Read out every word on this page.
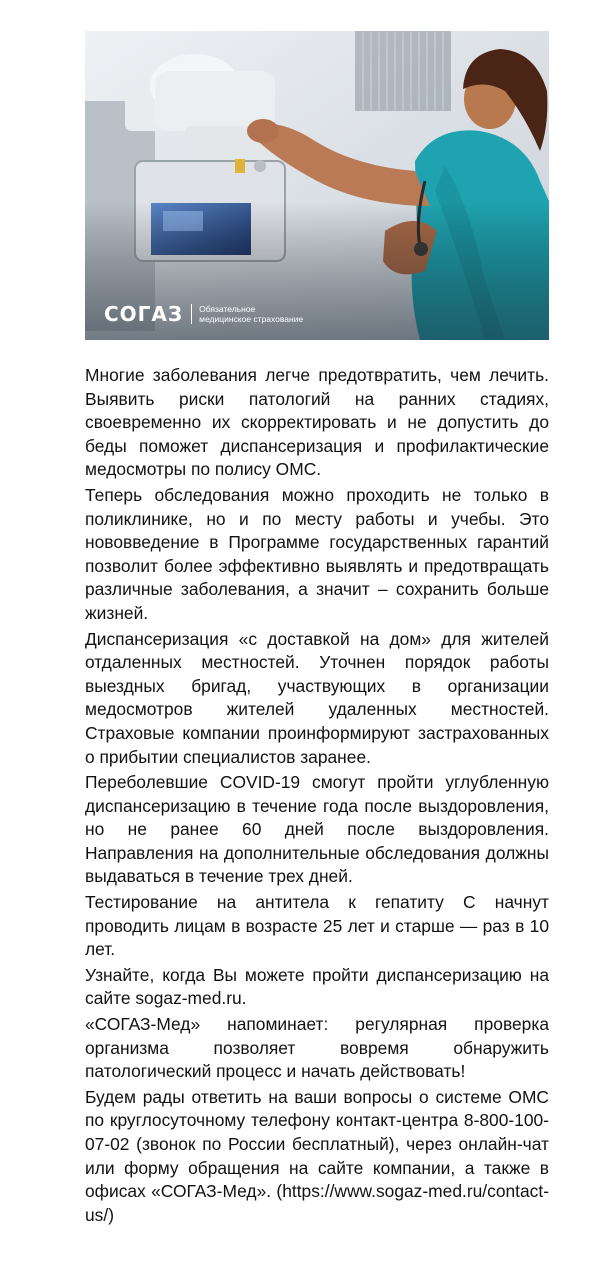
СОГАЗ Обязательное
медицинское страхование

Многие заболевания легче предотвратить, чем лечить. Выявить риски патологий на ранних стадиях, своевременно их скорректировать и не допустить до беды поможет диспансеризация и профилактические медосмотры по полису ОМС.

Теперь обследования можно проходить не только в поликлинике, но и по месту работы и учебы. Это нововведение в Программе государственных гарантий позволит более эффективно выявлять и предотвращать различные заболевания, а значит – сохранить больше жизней.

Диспансеризация «с доставкой на дом» для жителей отдаленных местностей. Уточнен порядок работы выездных бригад, участвующих в организации медосмотров жителей удаленных местностей. Страховые компании проинформируют застрахованных о прибытии специалистов заранее.

Переболевшие COVID-19 смогут пройти углубленную диспансеризацию в течение года после выздоровления, но не ранее 60 дней после выздоровления. Направления на дополнительные обследования должны выдаваться в течение трех дней.

Тестирование на антитела к гепатиту С начнут проводить лицам в возрасте 25 лет и старше — раз в 10 лет.

Узнайте, когда Вы можете пройти диспансеризацию на сайте sogaz-med.ru.

«СОГАЗ-Мед» напоминает: регулярная проверка организма позволяет вовремя обнаружить патологический процесс и начать действовать!

Будем рады ответить на ваши вопросы о системе ОМС по круглосуточному телефону контакт-центра 8-800-100-07-02 (звонок по России бесплатный), через онлайн-чат или форму обращения на сайте компании, а также в офисах «СОГАЗ-Мед». (https://www.sogaz-med.ru/contact-us/)
